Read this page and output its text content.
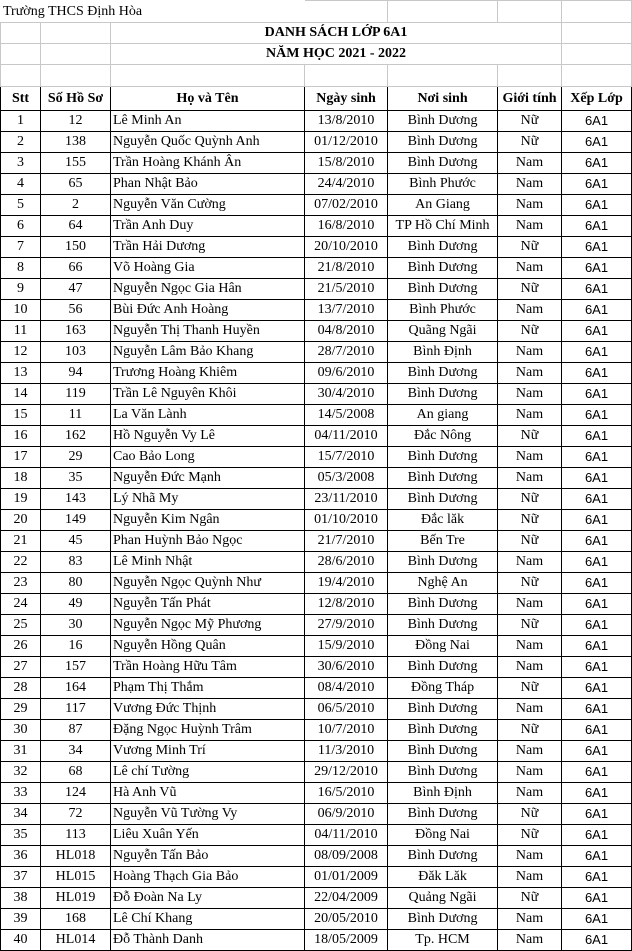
Trường THCS Định Hòa						
		DANH SÁCH LỚP 6A1				
		NĂM HỌC 2021 - 2022				

Stt	Số Hồ Sơ	Họ và Tên	Ngày sinh	Nơi sinh	Giới tính	Xếp Lớp
1	12	Lê Minh An	13/8/2010	Bình Dương	Nữ	6A1
2	138	Nguyễn Quốc Quỳnh Anh	01/12/2010	Bình Dương	Nữ	6A1
3	155	Trần Hoàng Khánh Ân	15/8/2010	Bình Dương	Nam	6A1
4	65	Phan Nhật Bảo	24/4/2010	Bình Phước	Nam	6A1
5	2	Nguyễn Văn Cường	07/02/2010	An Giang	Nam	6A1
6	64	Trần Anh Duy	16/8/2010	TP Hồ Chí Minh	Nam	6A1
7	150	Trần Hải Dương	20/10/2010	Bình Dương	Nữ	6A1
8	66	Võ Hoàng Gia	21/8/2010	Bình Dương	Nam	6A1
9	47	Nguyễn Ngọc Gia Hân	21/5/2010	Bình Dương	Nữ	6A1
10	56	Bùi Đức Anh Hoàng	13/7/2010	Bình Phước	Nam	6A1
11	163	Nguyễn Thị Thanh Huyền	04/8/2010	Quãng Ngãi	Nữ	6A1
12	103	Nguyễn Lâm Bảo Khang	28/7/2010	Bình Định	Nam	6A1
13	94	Trương Hoàng Khiêm	09/6/2010	Bình Dương	Nam	6A1
14	119	Trần Lê Nguyên Khôi	30/4/2010	Bình Dương	Nam	6A1
15	11	La Văn Lành	14/5/2008	An giang	Nam	6A1
16	162	Hồ Nguyễn Vy Lê	04/11/2010	Đắc Nông	Nữ	6A1
17	29	Cao Bảo Long	15/7/2010	Bình Dương	Nam	6A1
18	35	Nguyễn Đức Mạnh	05/3/2008	Bình Dương	Nam	6A1
19	143	Lý Nhã My	23/11/2010	Bình Dương	Nữ	6A1
20	149	Nguyễn Kim Ngân	01/10/2010	Đắc lăk	Nữ	6A1
21	45	Phan Huỳnh Bảo Ngọc	21/7/2010	Bến Tre	Nữ	6A1
22	83	Lê Minh Nhật	28/6/2010	Bình Dương	Nam	6A1
23	80	Nguyễn Ngọc Quỳnh Như	19/4/2010	Nghệ An	Nữ	6A1
24	49	Nguyễn Tấn Phát	12/8/2010	Bình Dương	Nam	6A1
25	30	Nguyễn Ngọc Mỹ Phương	27/9/2010	Bình Dương	Nữ	6A1
26	16	Nguyễn Hồng Quân	15/9/2010	Đồng Nai	Nam	6A1
27	157	Trần Hoàng Hữu Tâm	30/6/2010	Bình Dương	Nam	6A1
28	164	Phạm Thị Thắm	08/4/2010	Đồng Tháp	Nữ	6A1
29	117	Vương Đức Thịnh	06/5/2010	Bình Dương	Nam	6A1
30	87	Đặng Ngọc Huỳnh Trâm	10/7/2010	Bình Dương	Nữ	6A1
31	34	Vương Minh Trí	11/3/2010	Bình Dương	Nam	6A1
32	68	Lê chí Tường	29/12/2010	Bình Dương	Nam	6A1
33	124	Hà Anh Vũ	16/5/2010	Bình Định	Nam	6A1
34	72	Nguyễn Vũ Tường Vy	06/9/2010	Bình Dương	Nữ	6A1
35	113	Liêu Xuân Yến	04/11/2010	Đồng Nai	Nữ	6A1
36	HL018	Nguyễn Tấn Bảo	08/09/2008	Bình Dương	Nam	6A1
37	HL015	Hoàng Thạch Gia Bảo	01/01/2009	Đăk Lăk	Nam	6A1
38	HL019	Đỗ Đoàn Na Ly	22/04/2009	Quảng Ngãi	Nữ	6A1
39	168	Lê Chí Khang	20/05/2010	Bình Dương	Nam	6A1
40	HL014	Đỗ Thành Danh	18/05/2009	Tp. HCM	Nam	6A1
